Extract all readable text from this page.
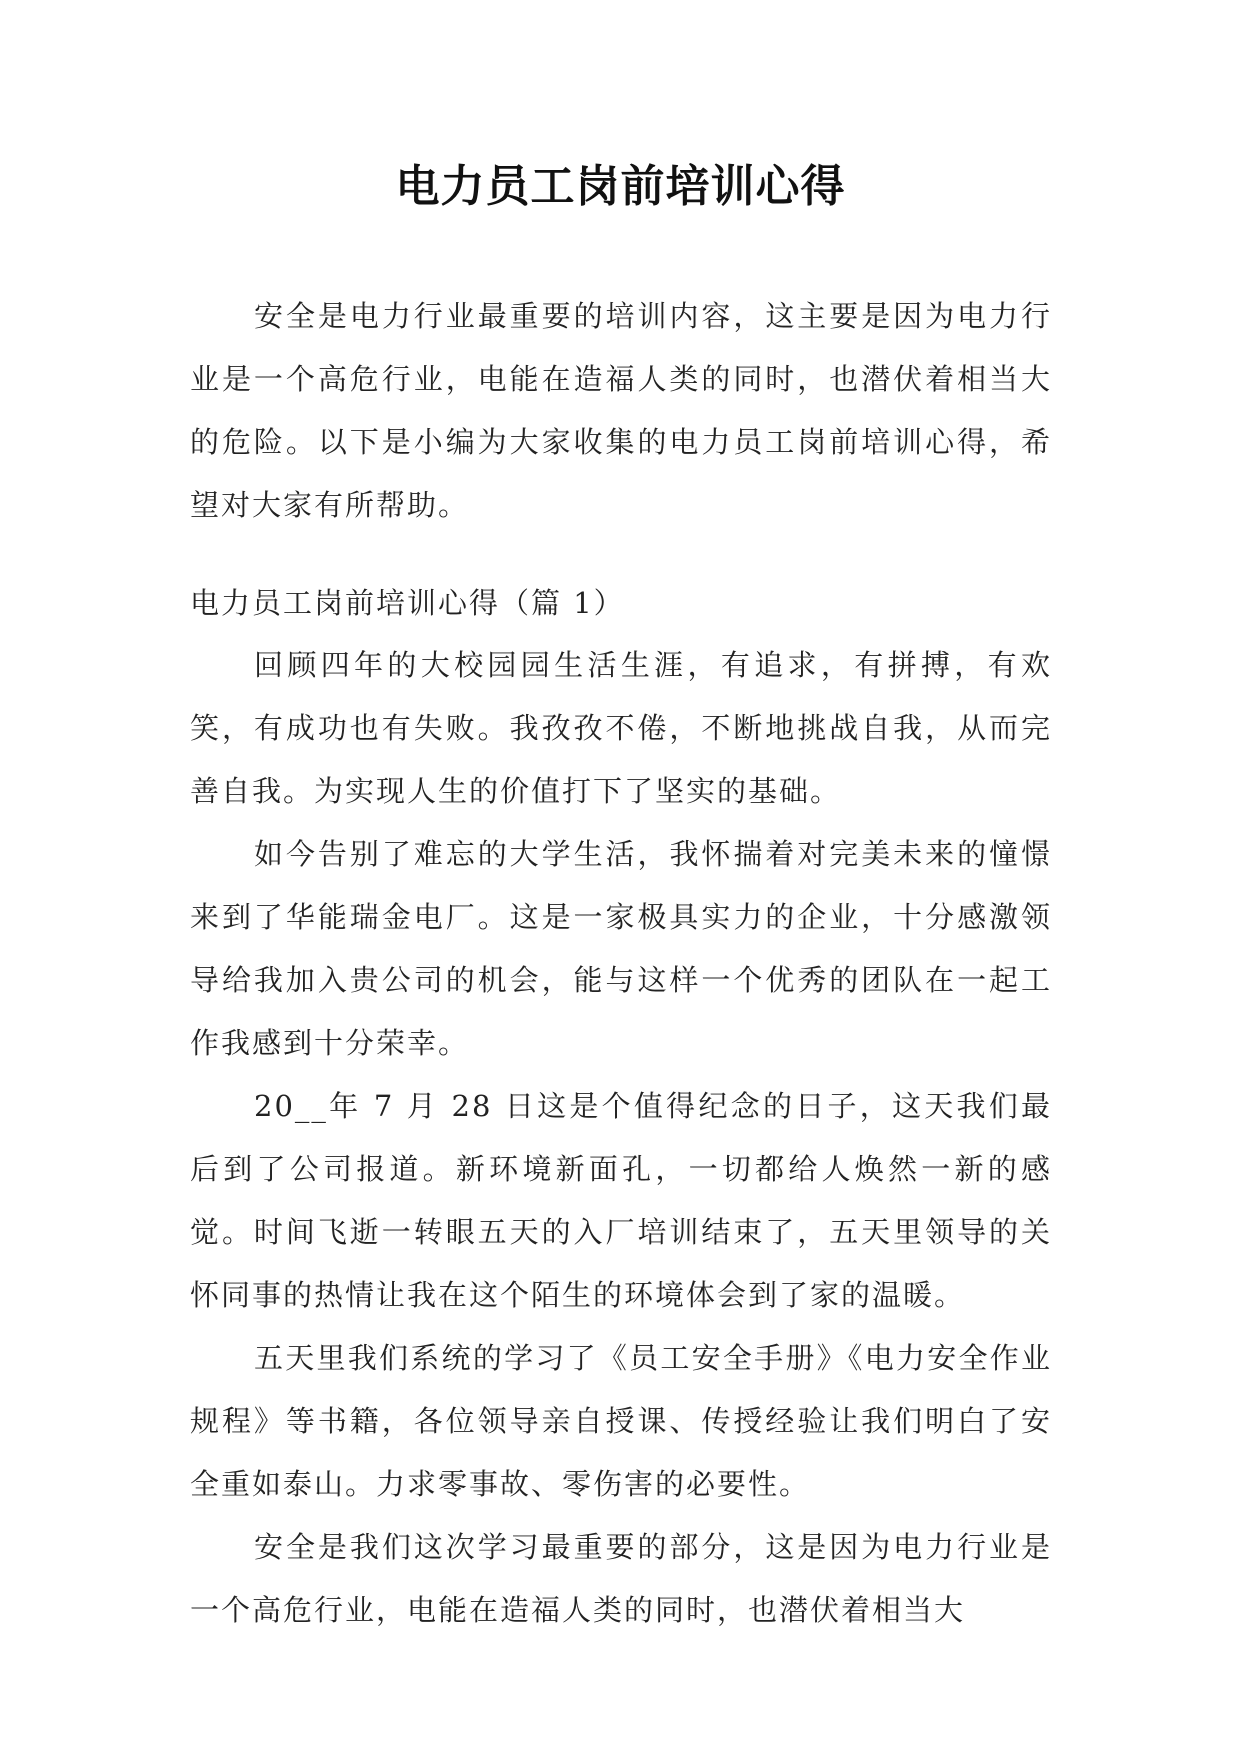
电力员工岗前培训心得

安全是电力行业最重要的培训内容，这主要是因为电力行业是一个高危行业，电能在造福人类的同时，也潜伏着相当大的危险。以下是小编为大家收集的电力员工岗前培训心得，希望对大家有所帮助。

电力员工岗前培训心得（篇 1）

回顾四年的大校园园生活生涯，有追求，有拼搏，有欢笑，有成功也有失败。我孜孜不倦，不断地挑战自我，从而完善自我。为实现人生的价值打下了坚实的基础。

如今告别了难忘的大学生活，我怀揣着对完美未来的憧憬来到了华能瑞金电厂。这是一家极具实力的企业，十分感激领导给我加入贵公司的机会，能与这样一个优秀的团队在一起工作我感到十分荣幸。

20__年 7 月 28 日这是个值得纪念的日子，这天我们最后到了公司报道。新环境新面孔，一切都给人焕然一新的感觉。时间飞逝一转眼五天的入厂培训结束了，五天里领导的关怀同事的热情让我在这个陌生的环境体会到了家的温暖。

五天里我们系统的学习了《员工安全手册》《电力安全作业规程》等书籍，各位领导亲自授课、传授经验让我们明白了安全重如泰山。力求零事故、零伤害的必要性。

安全是我们这次学习最重要的部分，这是因为电力行业是一个高危行业，电能在造福人类的同时，也潜伏着相当大
